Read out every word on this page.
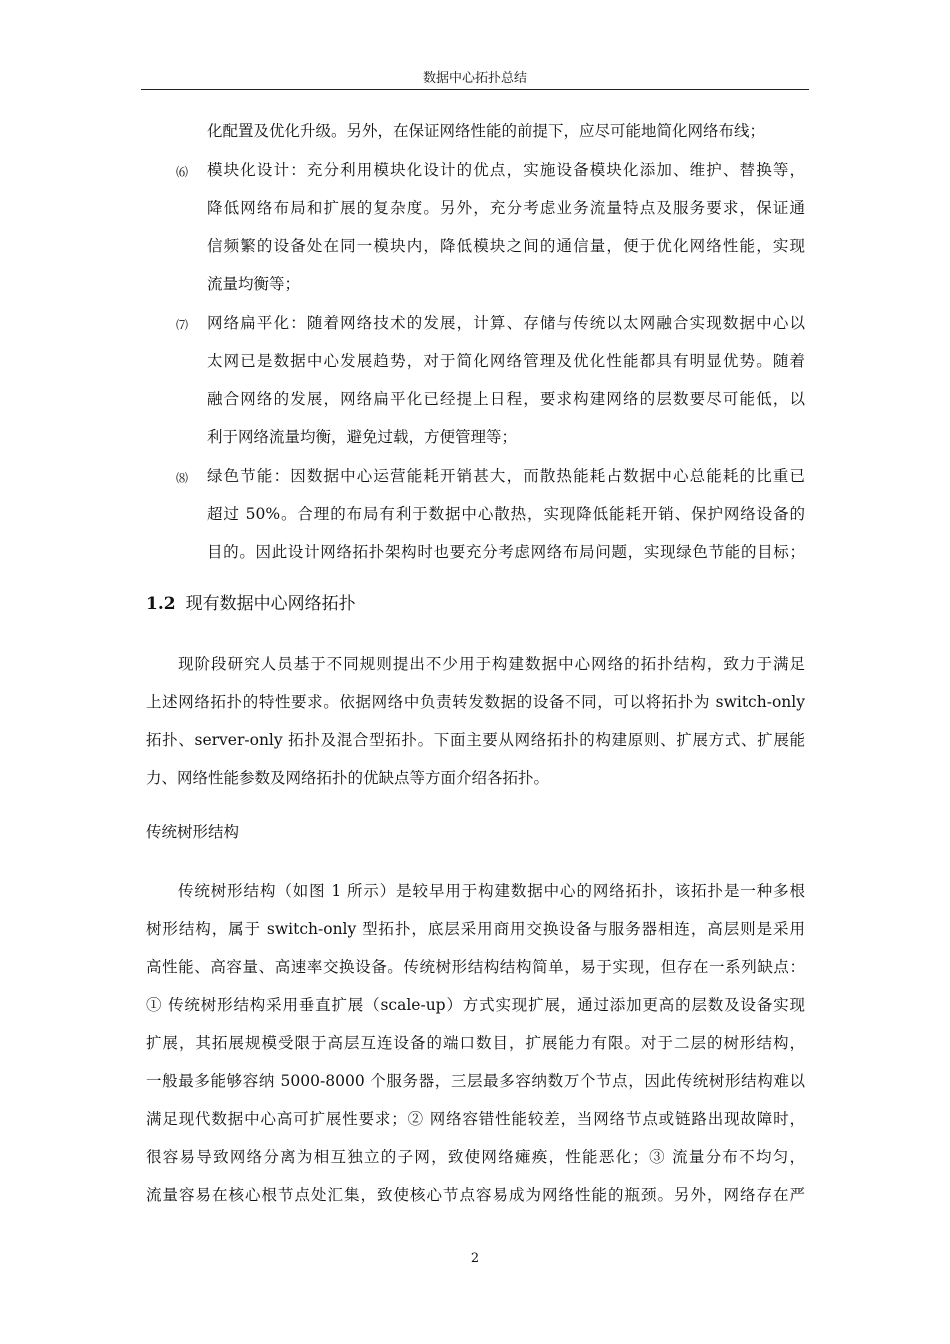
数据中心拓扑总结
化配置及优化升级。另外，在保证网络性能的前提下，应尽可能地简化网络布线；
⑹ 模块化设计：充分利用模块化设计的优点，实施设备模块化添加、维护、替换等，
降低网络布局和扩展的复杂度。另外，充分考虑业务流量特点及服务要求，保证通
信频繁的设备处在同一模块内，降低模块之间的通信量，便于优化网络性能，实现
流量均衡等；
⑺ 网络扁平化：随着网络技术的发展，计算、存储与传统以太网融合实现数据中心以
太网已是数据中心发展趋势，对于简化网络管理及优化性能都具有明显优势。随着
融合网络的发展，网络扁平化已经提上日程，要求构建网络的层数要尽可能低，以
利于网络流量均衡，避免过载，方便管理等；
⑻ 绿色节能：因数据中心运营能耗开销甚大，而散热能耗占数据中心总能耗的比重已
超过 50%。合理的布局有利于数据中心散热，实现降低能耗开销、保护网络设备的
目的。因此设计网络拓扑架构时也要充分考虑网络布局问题，实现绿色节能的目标；
1.2 现有数据中心网络拓扑
现阶段研究人员基于不同规则提出不少用于构建数据中心网络的拓扑结构，致力于满足
上述网络拓扑的特性要求。依据网络中负责转发数据的设备不同，可以将拓扑为 switch-only
拓扑、server-only 拓扑及混合型拓扑。下面主要从网络拓扑的构建原则、扩展方式、扩展能
力、网络性能参数及网络拓扑的优缺点等方面介绍各拓扑。
传统树形结构
传统树形结构（如图 1 所示）是较早用于构建数据中心的网络拓扑，该拓扑是一种多根
树形结构，属于 switch-only 型拓扑，底层采用商用交换设备与服务器相连，高层则是采用
高性能、高容量、高速率交换设备。传统树形结构结构简单，易于实现，但存在一系列缺点：
① 传统树形结构采用垂直扩展（scale-up）方式实现扩展，通过添加更高的层数及设备实现
扩展，其拓展规模受限于高层互连设备的端口数目，扩展能力有限。对于二层的树形结构，
一般最多能够容纳 5000-8000 个服务器，三层最多容纳数万个节点，因此传统树形结构难以
满足现代数据中心高可扩展性要求；② 网络容错性能较差，当网络节点或链路出现故障时，
很容易导致网络分离为相互独立的子网，致使网络瘫痪，性能恶化；③ 流量分布不均匀，
流量容易在核心根节点处汇集，致使核心节点容易成为网络性能的瓶颈。另外，网络存在严
2
